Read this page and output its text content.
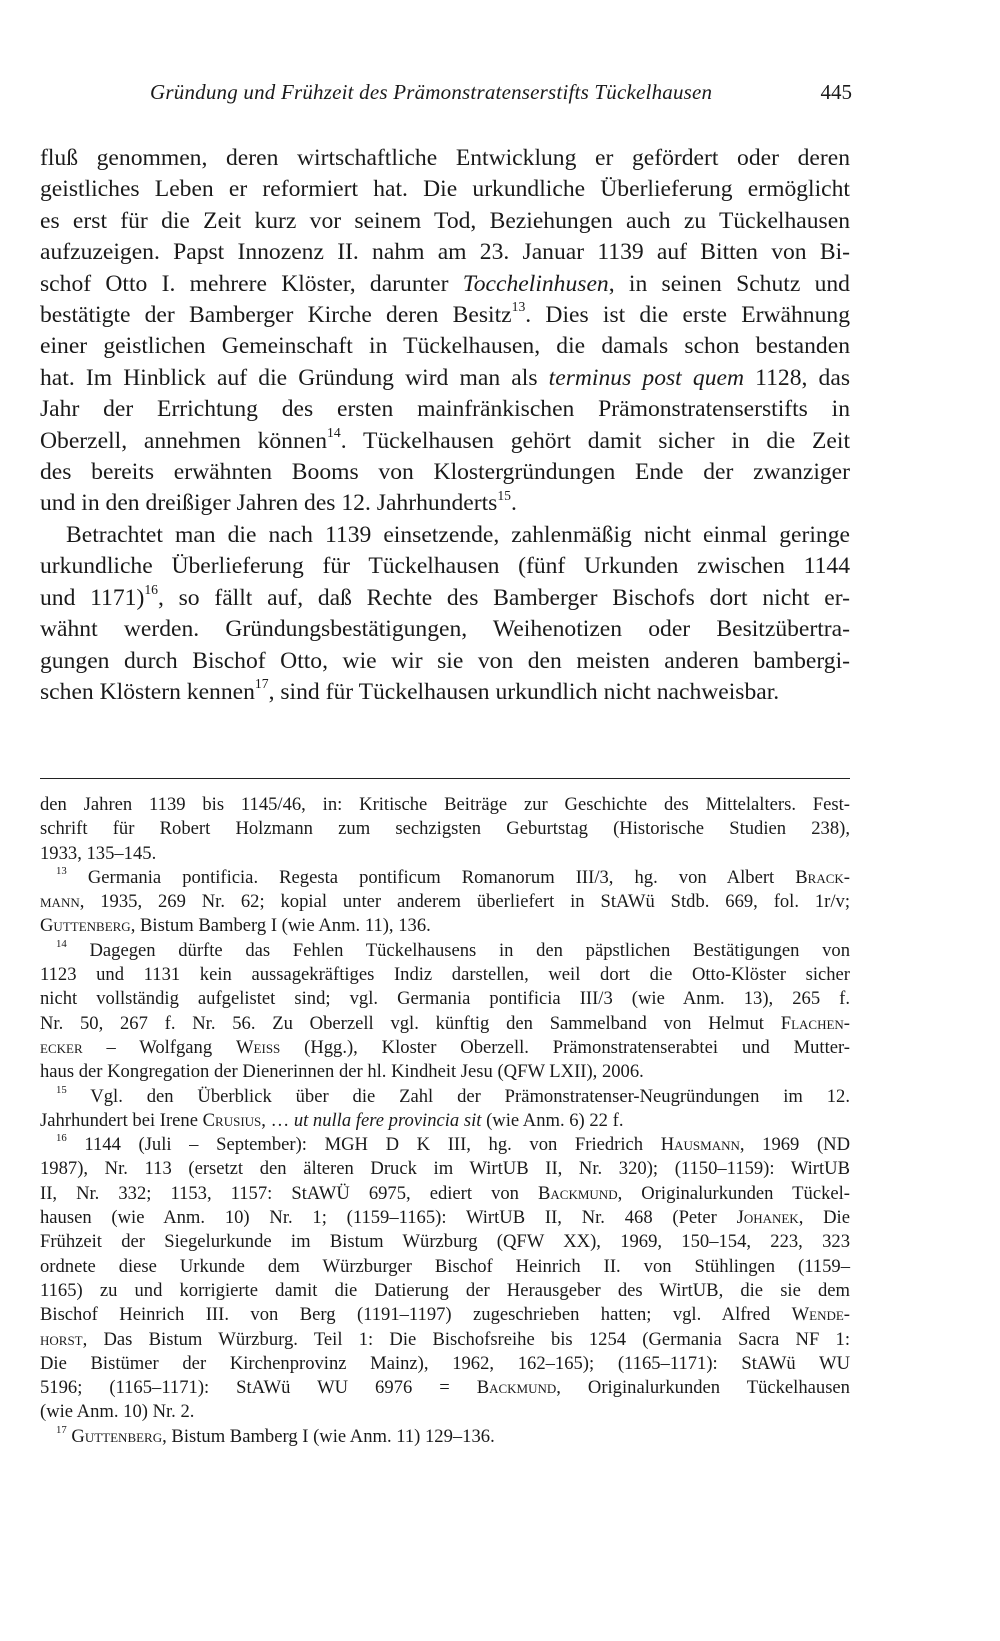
Gründung und Frühzeit des Prämonstratenserstifts Tückelhausen	445

fluß genommen, deren wirtschaftliche Entwicklung er gefördert oder deren
geistliches Leben er reformiert hat. Die urkundliche Überlieferung ermöglicht
es erst für die Zeit kurz vor seinem Tod, Beziehungen auch zu Tückelhausen
aufzuzeigen. Papst Innozenz II. nahm am 23. Januar 1139 auf Bitten von Bi-
schof Otto I. mehrere Klöster, darunter Tocchelinhusen, in seinen Schutz und
bestätigte der Bamberger Kirche deren Besitz$^{13}$. Dies ist die erste Erwähnung
einer geistlichen Gemeinschaft in Tückelhausen, die damals schon bestanden
hat. Im Hinblick auf die Gründung wird man als terminus post quem 1128, das
Jahr der Errichtung des ersten mainfränkischen Prämonstratenserstifts in
Oberzell, annehmen können$^{14}$. Tückelhausen gehört damit sicher in die Zeit
des bereits erwähnten Booms von Klostergründungen Ende der zwanziger
und in den dreißiger Jahren des 12. Jahrhunderts$^{15}$.

Betrachtet man die nach 1139 einsetzende, zahlenmäßig nicht einmal geringe
urkundliche Überlieferung für Tückelhausen (fünf Urkunden zwischen 1144
und 1171)$^{16}$, so fällt auf, daß Rechte des Bamberger Bischofs dort nicht er-
wähnt werden. Gründungsbestätigungen, Weihenotizen oder Besitzübertra-
gungen durch Bischof Otto, wie wir sie von den meisten anderen bambergi-
schen Klöstern kennen$^{17}$, sind für Tückelhausen urkundlich nicht nachweisbar.

den Jahren 1139 bis 1145/46, in: Kritische Beiträge zur Geschichte des Mittelalters. Fest-
schrift für Robert Holzmann zum sechzigsten Geburtstag (Historische Studien 238),
1933, 135–145.
$^{13}$ Germania pontificia. Regesta pontificum Romanorum III/3, hg. von Albert Brack-
mann, 1935, 269 Nr. 62; kopial unter anderem überliefert in StAWü Stdb. 669, fol. 1r/v;
Guttenberg, Bistum Bamberg I (wie Anm. 11), 136.
$^{14}$ Dagegen dürfte das Fehlen Tückelhausens in den päpstlichen Bestätigungen von
1123 und 1131 kein aussagekräftiges Indiz darstellen, weil dort die Otto-Klöster sicher
nicht vollständig aufgelistet sind; vgl. Germania pontificia III/3 (wie Anm. 13), 265 f.
Nr. 50, 267 f. Nr. 56. Zu Oberzell vgl. künftig den Sammelband von Helmut Flachen-
ecker – Wolfgang Weiss (Hgg.), Kloster Oberzell. Prämonstratenserabtei und Mutter-
haus der Kongregation der Dienerinnen der hl. Kindheit Jesu (QFW LXII), 2006.
$^{15}$ Vgl. den Überblick über die Zahl der Prämonstratenser-Neugründungen im 12.
Jahrhundert bei Irene Crusius, … ut nulla fere provincia sit (wie Anm. 6) 22 f.
$^{16}$ 1144 (Juli – September): MGH D K III, hg. von Friedrich Hausmann, 1969 (ND
1987), Nr. 113 (ersetzt den älteren Druck im WirtUB II, Nr. 320); (1150–1159): WirtUB
II, Nr. 332; 1153, 1157: StAWÜ 6975, ediert von Backmund, Originalurkunden Tückel-
hausen (wie Anm. 10) Nr. 1; (1159–1165): WirtUB II, Nr. 468 (Peter Johanek, Die
Frühzeit der Siegelurkunde im Bistum Würzburg (QFW XX), 1969, 150–154, 223, 323
ordnete diese Urkunde dem Würzburger Bischof Heinrich II. von Stühlingen (1159–
1165) zu und korrigierte damit die Datierung der Herausgeber des WirtUB, die sie dem
Bischof Heinrich III. von Berg (1191–1197) zugeschrieben hatten; vgl. Alfred Wende-
horst, Das Bistum Würzburg. Teil 1: Die Bischofsreihe bis 1254 (Germania Sacra NF 1:
Die Bistümer der Kirchenprovinz Mainz), 1962, 162–165); (1165–1171): StAWü WU
5196; (1165–1171): StAWü WU 6976 = Backmund, Originalurkunden Tückelhausen
(wie Anm. 10) Nr. 2.
$^{17}$ Guttenberg, Bistum Bamberg I (wie Anm. 11) 129–136.
